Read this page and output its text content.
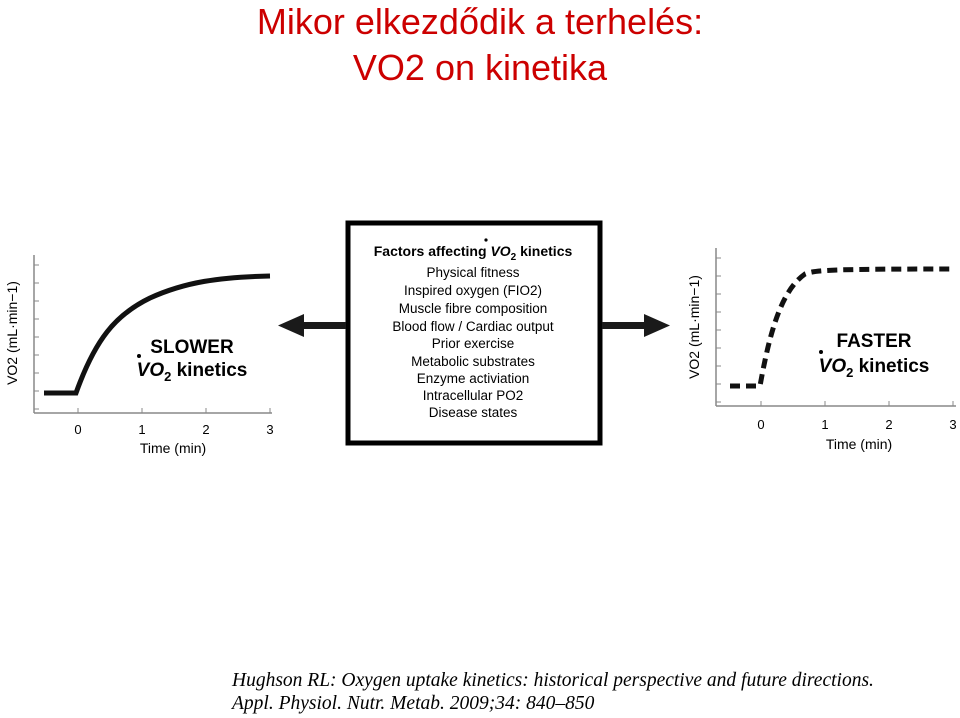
Mikor elkezdődik a terhelés:
VO2 on kinetika
Factors affecting $VO_2$ kinetics
Physical fitness
Inspired oxygen (FIO2)
Muscle fibre composition
Blood flow / Cardiac output
Prior exercise
Metabolic substrates
Enzyme activiation
Intracellular PO2
Disease states
0	1	2	3
Time (min)
VO2 (mL·min−1)	SLOWER
$VO_2$ kinetics
0	1	2	3
Time (min)
VO2 (mL·min−1)	FASTER
$VO_2$ kinetics
Hughson RL: Oxygen uptake kinetics: historical perspective and future directions.
Appl. Physiol. Nutr. Metab. 2009;34: 840–850
